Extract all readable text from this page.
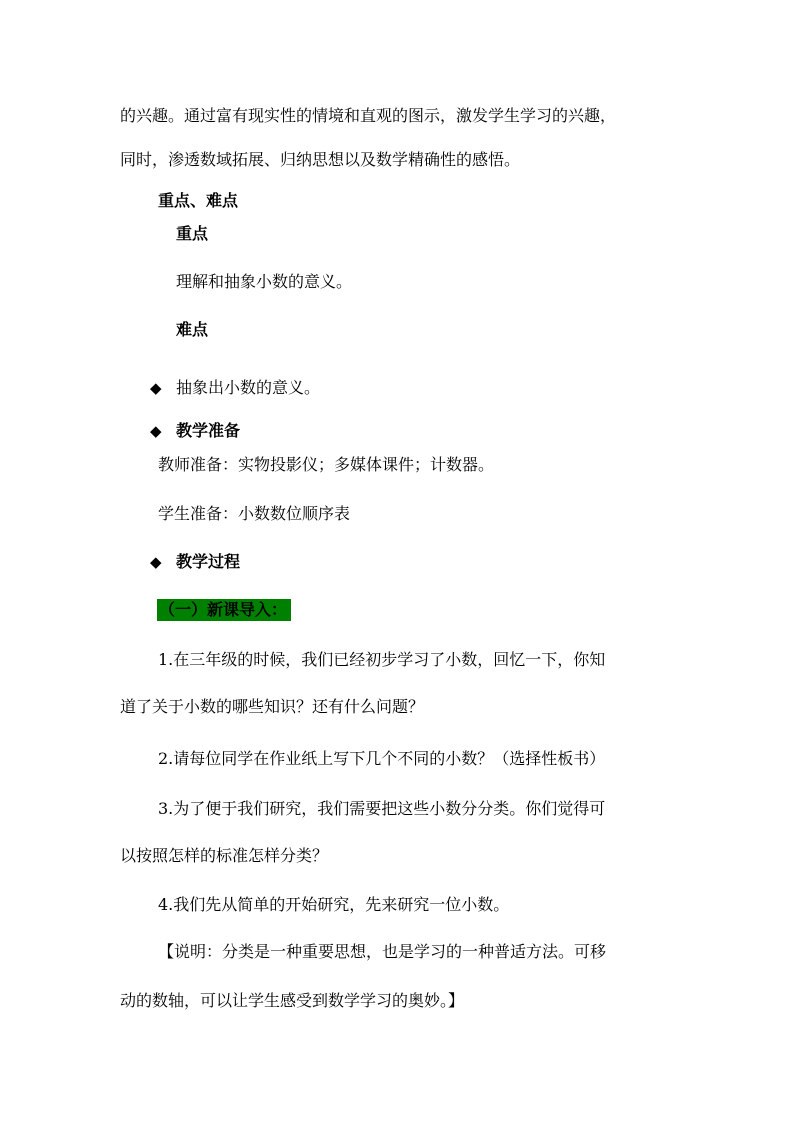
的兴趣。通过富有现实性的情境和直观的图示，激发学生学习的兴趣，
同时，渗透数域拓展、归纳思想以及数学精确性的感悟。
重点、难点
重点
理解和抽象小数的意义。
难点
◆ 抽象出小数的意义。
◆ 教学准备
教师准备：实物投影仪；多媒体课件；计数器。
学生准备：小数数位顺序表
◆ 教学过程
（一）新课导入：
1.在三年级的时候，我们已经初步学习了小数，回忆一下，你知
道了关于小数的哪些知识？还有什么问题？
2.请每位同学在作业纸上写下几个不同的小数？（选择性板书）
3.为了便于我们研究，我们需要把这些小数分分类。你们觉得可
以按照怎样的标准怎样分类？
4.我们先从简单的开始研究，先来研究一位小数。
【说明：分类是一种重要思想，也是学习的一种普适方法。可移
动的数轴，可以让学生感受到数学学习的奥妙。】
